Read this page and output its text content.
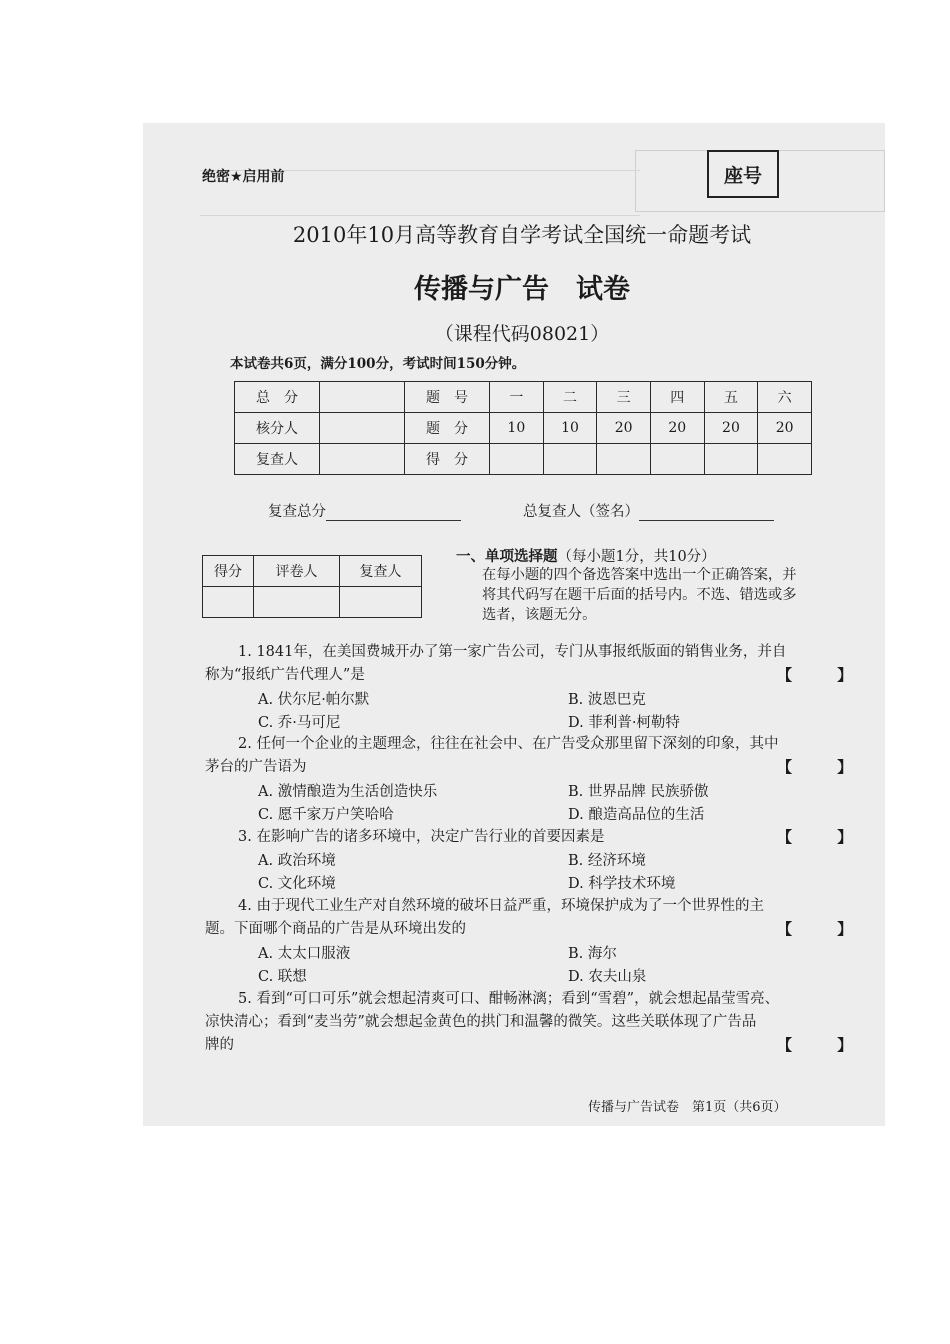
绝密★启用前	座号
2010年10月高等教育自学考试全国统一命题考试
传播与广告　试卷
（课程代码08021）
本试卷共6页，满分100分，考试时间150分钟。
总　分		题　号	一	二	三	四	五	六
核分人		题　分	10	10	20	20	20	20
复查人		得　分						
复查总分	总复查人（签名）
得分	评卷人	复查人

一、单项选择题（每小题1分，共10分）
在每小题的四个备选答案中选出一个正确答案，并
将其代码写在题干后面的括号内。不选、错选或多
选者，该题无分。
1. 1841年，在美国费城开办了第一家广告公司，专门从事报纸版面的销售业务，并自
称为“报纸广告代理人”是	【 】
A. 伏尔尼·帕尔默	B. 波恩巴克
C. 乔·马可尼	D. 菲利普·柯勒特
2. 任何一个企业的主题理念，往往在社会中、在广告受众那里留下深刻的印象，其中
茅台的广告语为	【 】
A. 激情酿造为生活创造快乐	B. 世界品牌 民族骄傲
C. 愿千家万户笑哈哈	D. 酿造高品位的生活
3. 在影响广告的诸多环境中，决定广告行业的首要因素是	【 】
A. 政治环境	B. 经济环境
C. 文化环境	D. 科学技术环境
4. 由于现代工业生产对自然环境的破坏日益严重，环境保护成为了一个世界性的主
题。下面哪个商品的广告是从环境出发的	【 】
A. 太太口服液	B. 海尔
C. 联想	D. 农夫山泉
5. 看到“可口可乐”就会想起清爽可口、酣畅淋漓；看到“雪碧”，就会想起晶莹雪亮、
凉快清心；看到“麦当劳”就会想起金黄色的拱门和温馨的微笑。这些关联体现了广告品
牌的	【 】
传播与广告试卷　第1页（共6页）
